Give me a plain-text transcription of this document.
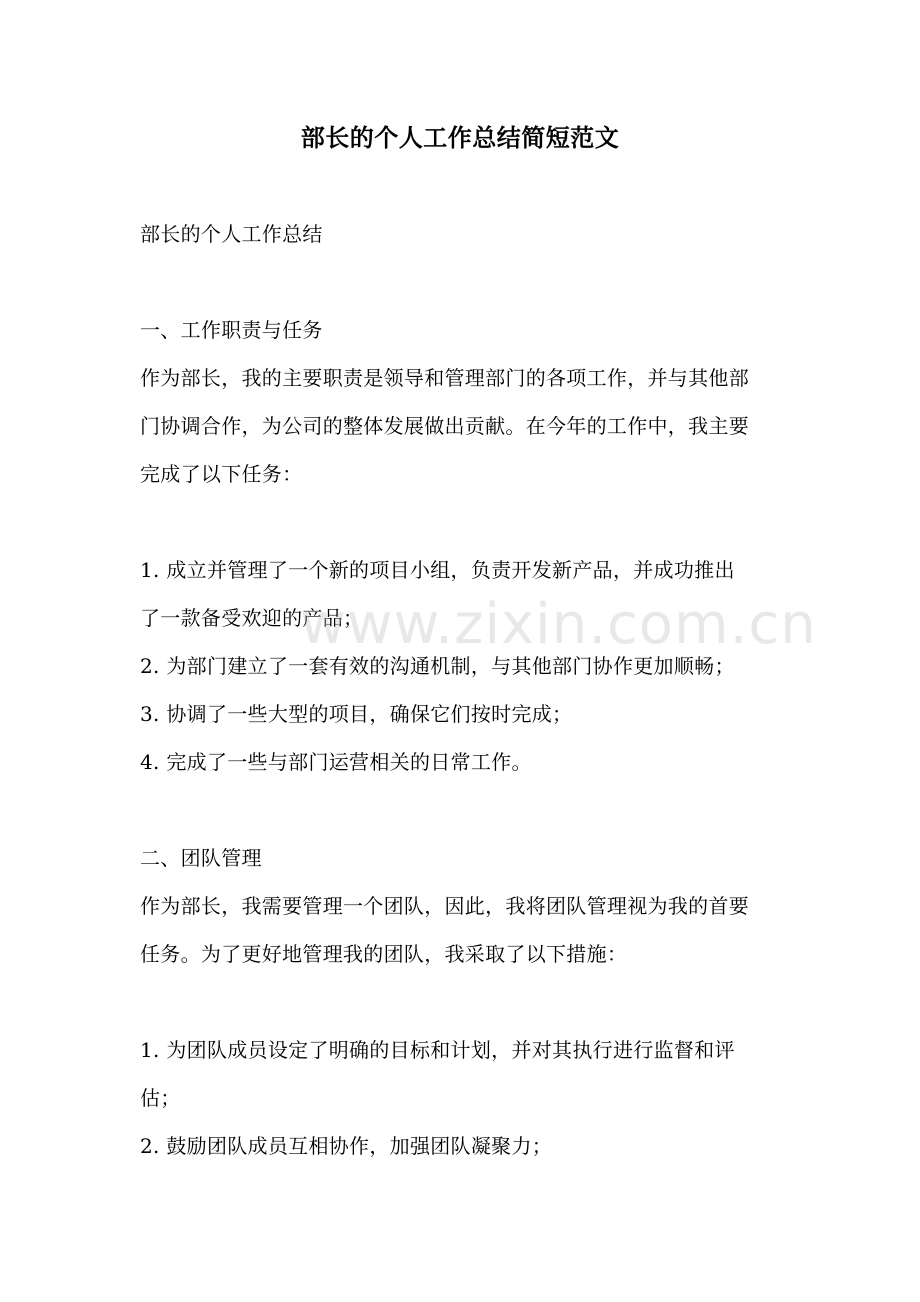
部长的个人工作总结简短范文
部长的个人工作总结
一、工作职责与任务
作为部长，我的主要职责是领导和管理部门的各项工作，并与其他部
门协调合作，为公司的整体发展做出贡献。在今年的工作中，我主要
完成了以下任务：
1. 成立并管理了一个新的项目小组，负责开发新产品，并成功推出
了一款备受欢迎的产品；
2. 为部门建立了一套有效的沟通机制，与其他部门协作更加顺畅；
3. 协调了一些大型的项目，确保它们按时完成；
4. 完成了一些与部门运营相关的日常工作。
二、团队管理
作为部长，我需要管理一个团队，因此，我将团队管理视为我的首要
任务。为了更好地管理我的团队，我采取了以下措施：
1. 为团队成员设定了明确的目标和计划，并对其执行进行监督和评
估；
2. 鼓励团队成员互相协作，加强团队凝聚力；
www.zixin.com.cn
